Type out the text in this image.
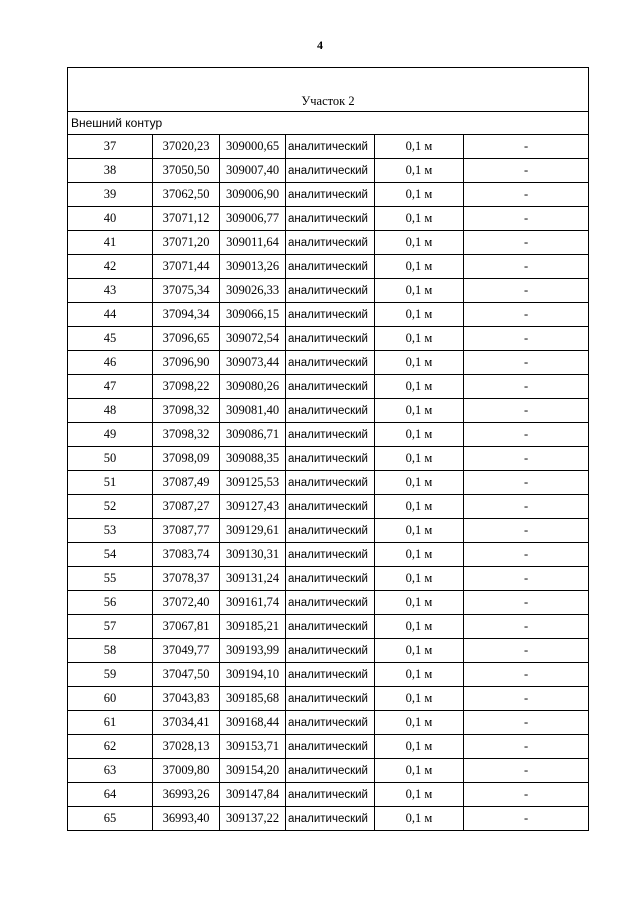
4
Участок 2					
Внешний контур					
37	37020,23	309000,65	аналитический	0,1 м	-
38	37050,50	309007,40	аналитический	0,1 м	-
39	37062,50	309006,90	аналитический	0,1 м	-
40	37071,12	309006,77	аналитический	0,1 м	-
41	37071,20	309011,64	аналитический	0,1 м	-
42	37071,44	309013,26	аналитический	0,1 м	-
43	37075,34	309026,33	аналитический	0,1 м	-
44	37094,34	309066,15	аналитический	0,1 м	-
45	37096,65	309072,54	аналитический	0,1 м	-
46	37096,90	309073,44	аналитический	0,1 м	-
47	37098,22	309080,26	аналитический	0,1 м	-
48	37098,32	309081,40	аналитический	0,1 м	-
49	37098,32	309086,71	аналитический	0,1 м	-
50	37098,09	309088,35	аналитический	0,1 м	-
51	37087,49	309125,53	аналитический	0,1 м	-
52	37087,27	309127,43	аналитический	0,1 м	-
53	37087,77	309129,61	аналитический	0,1 м	-
54	37083,74	309130,31	аналитический	0,1 м	-
55	37078,37	309131,24	аналитический	0,1 м	-
56	37072,40	309161,74	аналитический	0,1 м	-
57	37067,81	309185,21	аналитический	0,1 м	-
58	37049,77	309193,99	аналитический	0,1 м	-
59	37047,50	309194,10	аналитический	0,1 м	-
60	37043,83	309185,68	аналитический	0,1 м	-
61	37034,41	309168,44	аналитический	0,1 м	-
62	37028,13	309153,71	аналитический	0,1 м	-
63	37009,80	309154,20	аналитический	0,1 м	-
64	36993,26	309147,84	аналитический	0,1 м	-
65	36993,40	309137,22	аналитический	0,1 м	-
